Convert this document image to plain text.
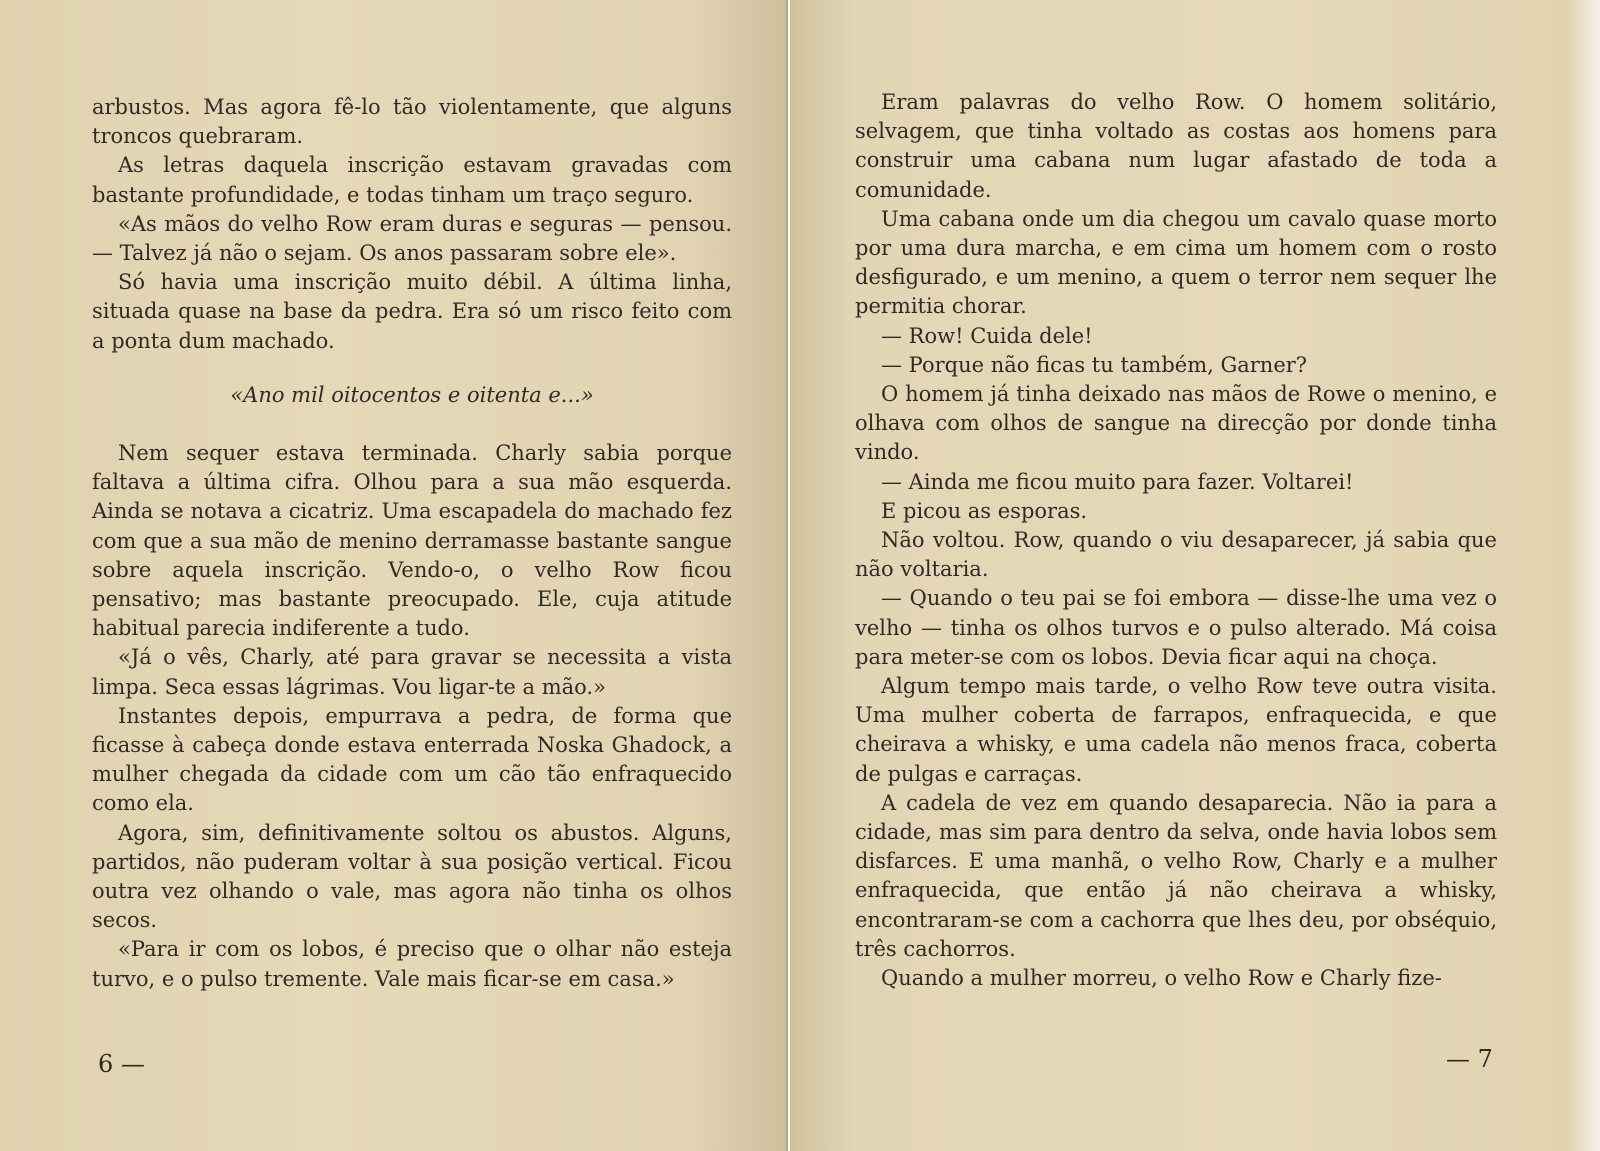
arbustos. Mas agora fê-lo tão violentamente, que alguns troncos quebraram.

As letras daquela inscrição estavam gravadas com bastante profundidade, e todas tinham um traço seguro.

«As mãos do velho Row eram duras e seguras — pensou. — Talvez já não o sejam. Os anos passaram sobre ele».

Só havia uma inscrição muito débil. A última linha, situada quase na base da pedra. Era só um risco feito com a ponta dum machado.

«Ano mil oitocentos e oitenta e...»

Nem sequer estava terminada. Charly sabia porque faltava a última cifra. Olhou para a sua mão esquerda. Ainda se notava a cicatriz. Uma escapadela do machado fez com que a sua mão de menino derramasse bastante sangue sobre aquela inscrição. Vendo-o, o velho Row ficou pensativo; mas bastante preocupado. Ele, cuja atitude habitual parecia indiferente a tudo.

«Já o vês, Charly, até para gravar se necessita a vista limpa. Seca essas lágrimas. Vou ligar-te a mão.»

Instantes depois, empurrava a pedra, de forma que ficasse à cabeça donde estava enterrada Noska Ghadock, a mulher chegada da cidade com um cão tão enfraquecido como ela.

Agora, sim, definitivamente soltou os abustos. Alguns, partidos, não puderam voltar à sua posição vertical. Ficou outra vez olhando o vale, mas agora não tinha os olhos secos.

«Para ir com os lobos, é preciso que o olhar não esteja turvo, e o pulso tremente. Vale mais ficar-se em casa.»

6 —

Eram palavras do velho Row. O homem solitário, selvagem, que tinha voltado as costas aos homens para construir uma cabana num lugar afastado de toda a comunidade.

Uma cabana onde um dia chegou um cavalo quase morto por uma dura marcha, e em cima um homem com o rosto desfigurado, e um menino, a quem o terror nem sequer lhe permitia chorar.

— Row! Cuida dele!

— Porque não ficas tu também, Garner?

O homem já tinha deixado nas mãos de Rowe o menino, e olhava com olhos de sangue na direcção por donde tinha vindo.

— Ainda me ficou muito para fazer. Voltarei!

E picou as esporas.

Não voltou. Row, quando o viu desaparecer, já sabia que não voltaria.

— Quando o teu pai se foi embora — disse-lhe uma vez o velho — tinha os olhos turvos e o pulso alterado. Má coisa para meter-se com os lobos. Devia ficar aqui na choça.

Algum tempo mais tarde, o velho Row teve outra visita. Uma mulher coberta de farrapos, enfraquecida, e que cheirava a whisky, e uma cadela não menos fraca, coberta de pulgas e carraças.

A cadela de vez em quando desaparecia. Não ia para a cidade, mas sim para dentro da selva, onde havia lobos sem disfarces. E uma manhã, o velho Row, Charly e a mulher enfraquecida, que então já não cheirava a whisky, encontraram-se com a cachorra que lhes deu, por obséquio, três cachorros.

Quando a mulher morreu, o velho Row e Charly fize-

— 7
